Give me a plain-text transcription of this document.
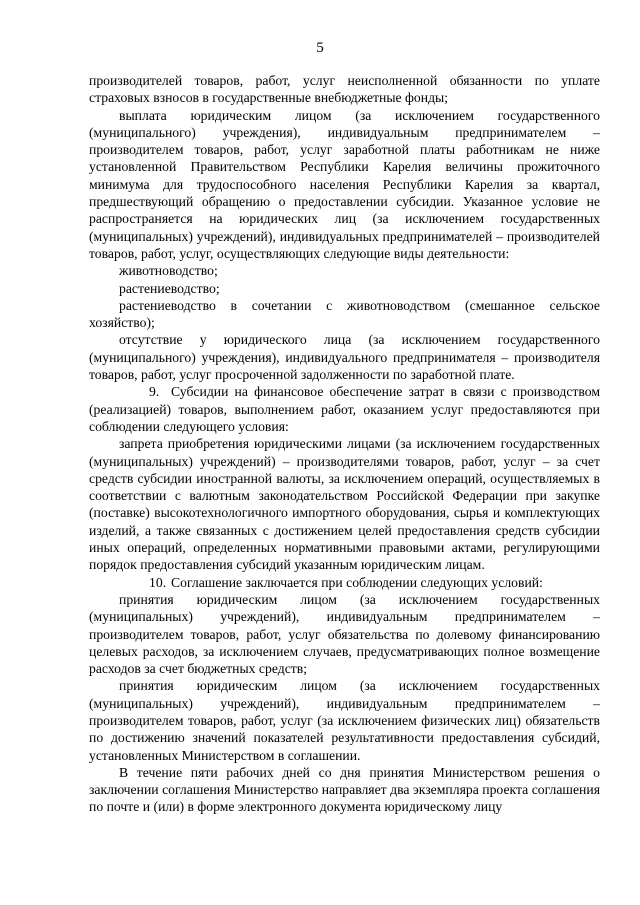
5

производителей товаров, работ, услуг неисполненной обязанности по уплате страховых взносов в государственные внебюджетные фонды;

выплата юридическим лицом (за исключением государственного (муниципального) учреждения), индивидуальным предпринимателем – производителем товаров, работ, услуг заработной платы работникам не ниже установленной Правительством Республики Карелия величины прожиточного минимума для трудоспособного населения Республики Карелия за квартал, предшествующий обращению о предоставлении субсидии. Указанное условие не распространяется на юридических лиц (за исключением государственных (муниципальных) учреждений), индивидуальных предпринимателей – производителей товаров, работ, услуг, осуществляющих следующие виды деятельности:

животноводство;

растениеводство;

растениеводство в сочетании с животноводством (смешанное сельское хозяйство);

отсутствие у юридического лица (за исключением государственного (муниципального) учреждения), индивидуального предпринимателя – производителя товаров, работ, услуг просроченной задолженности по заработной плате.

9. Субсидии на финансовое обеспечение затрат в связи с производством (реализацией) товаров, выполнением работ, оказанием услуг предоставляются при соблюдении следующего условия:

запрета приобретения юридическими лицами (за исключением государственных (муниципальных) учреждений) – производителями товаров, работ, услуг – за счет средств субсидии иностранной валюты, за исключением операций, осуществляемых в соответствии с валютным законодательством Российской Федерации при закупке (поставке) высокотехнологичного импортного оборудования, сырья и комплектующих изделий, а также связанных с достижением целей предоставления средств субсидии иных операций, определенных нормативными правовыми актами, регулирующими порядок предоставления субсидий указанным юридическим лицам.

10. Соглашение заключается при соблюдении следующих условий:

принятия юридическим лицом (за исключением государственных (муниципальных) учреждений), индивидуальным предпринимателем – производителем товаров, работ, услуг обязательства по долевому финансированию целевых расходов, за исключением случаев, предусматривающих полное возмещение расходов за счет бюджетных средств;

принятия юридическим лицом (за исключением государственных (муниципальных) учреждений), индивидуальным предпринимателем – производителем товаров, работ, услуг (за исключением физических лиц) обязательств по достижению значений показателей результативности предоставления субсидий, установленных Министерством в соглашении.

В течение пяти рабочих дней со дня принятия Министерством решения о заключении соглашения Министерство направляет два экземпляра проекта соглашения по почте и (или) в форме электронного документа юридическому лицу
